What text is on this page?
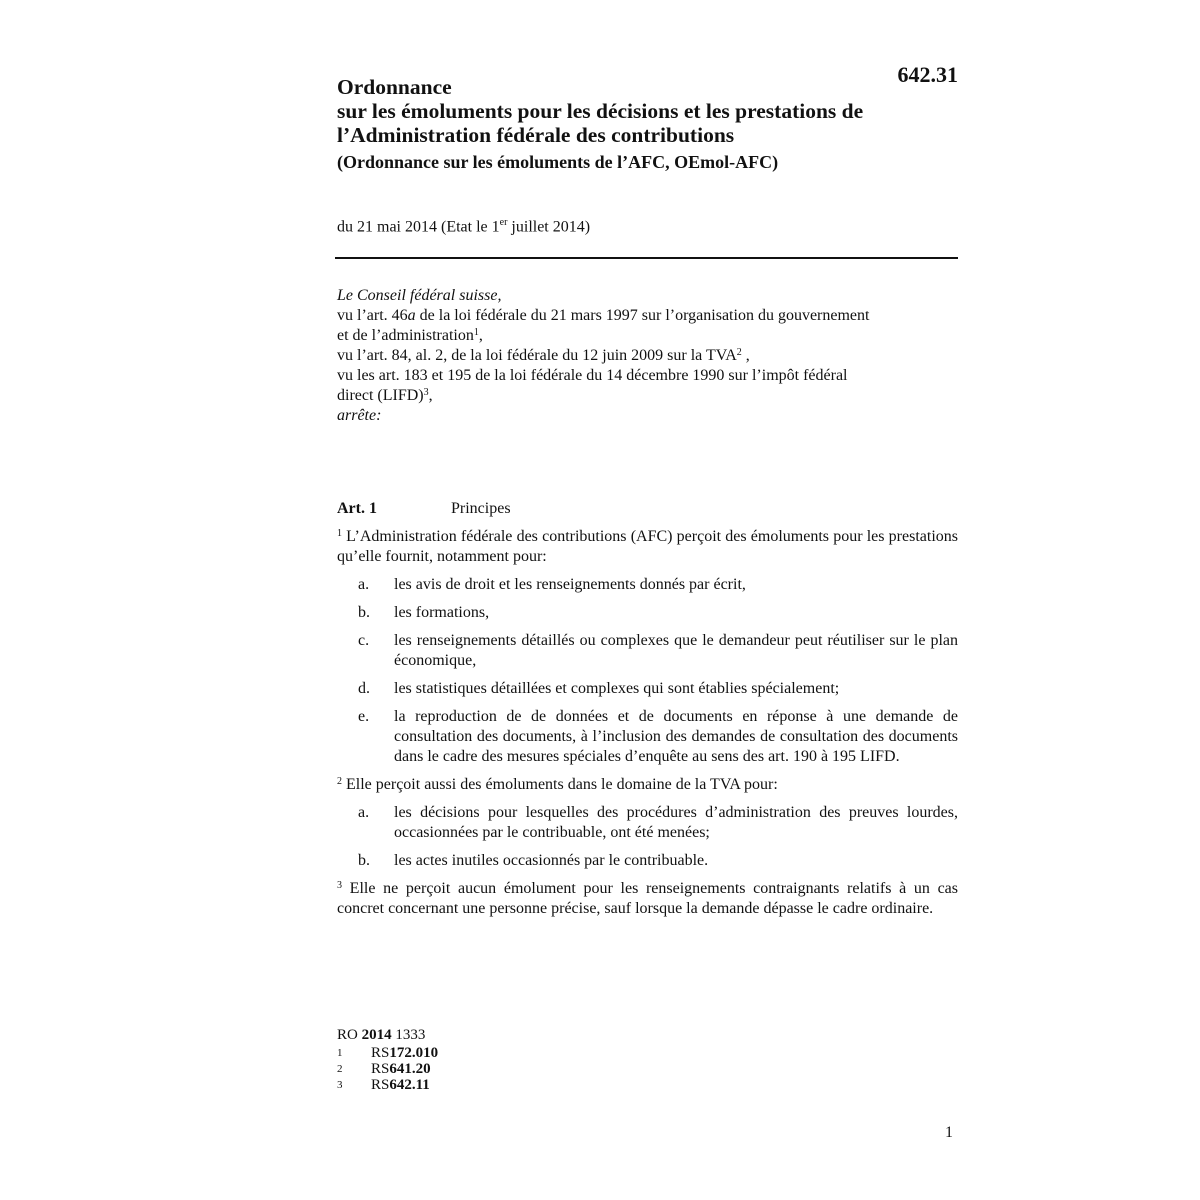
642.31
Ordonnance
sur les émoluments pour les décisions et les prestations de
l’Administration fédérale des contributions
(Ordonnance sur les émoluments de l’AFC, OEmol-AFC)
du 21 mai 2014 (Etat le 1er juillet 2014)
Le Conseil fédéral suisse,
vu l’art. 46a de la loi fédérale du 21 mars 1997 sur l’organisation du gouvernement
et de l’administration$^1$,
vu l’art. 84, al. 2, de la loi fédérale du 12 juin 2009 sur la TVA$^2$ ,
vu les art. 183 et 195 de la loi fédérale du 14 décembre 1990 sur l’impôt fédéral
direct (LIFD)$^3$,
arrête:
Art. 1	Principes
$^1$ L’Administration fédérale des contributions (AFC) perçoit des émoluments pour les prestations qu’elle fournit, notamment pour:
a.	les avis de droit et les renseignements donnés par écrit,
b.	les formations,
c.	les renseignements détaillés ou complexes que le demandeur peut réutiliser sur le plan économique,
d.	les statistiques détaillées et complexes qui sont établies spécialement;
e.	la reproduction de de données et de documents en réponse à une demande de consultation des documents, à l’inclusion des demandes de consultation des documents dans le cadre des mesures spéciales d’enquête au sens des art. 190 à 195 LIFD.
$^2$ Elle perçoit aussi des émoluments dans le domaine de la TVA pour:
a.	les décisions pour lesquelles des procédures d’administration des preuves lourdes, occasionnées par le contribuable, ont été menées;
b.	les actes inutiles occasionnés par le contribuable.
$^3$ Elle ne perçoit aucun émolument pour les renseignements contraignants relatifs à un cas concret concernant une personne précise, sauf lorsque la demande dépasse le cadre ordinaire.
RO 2014 1333
1	RS 172.010
2	RS 641.20
3	RS 642.11
1
